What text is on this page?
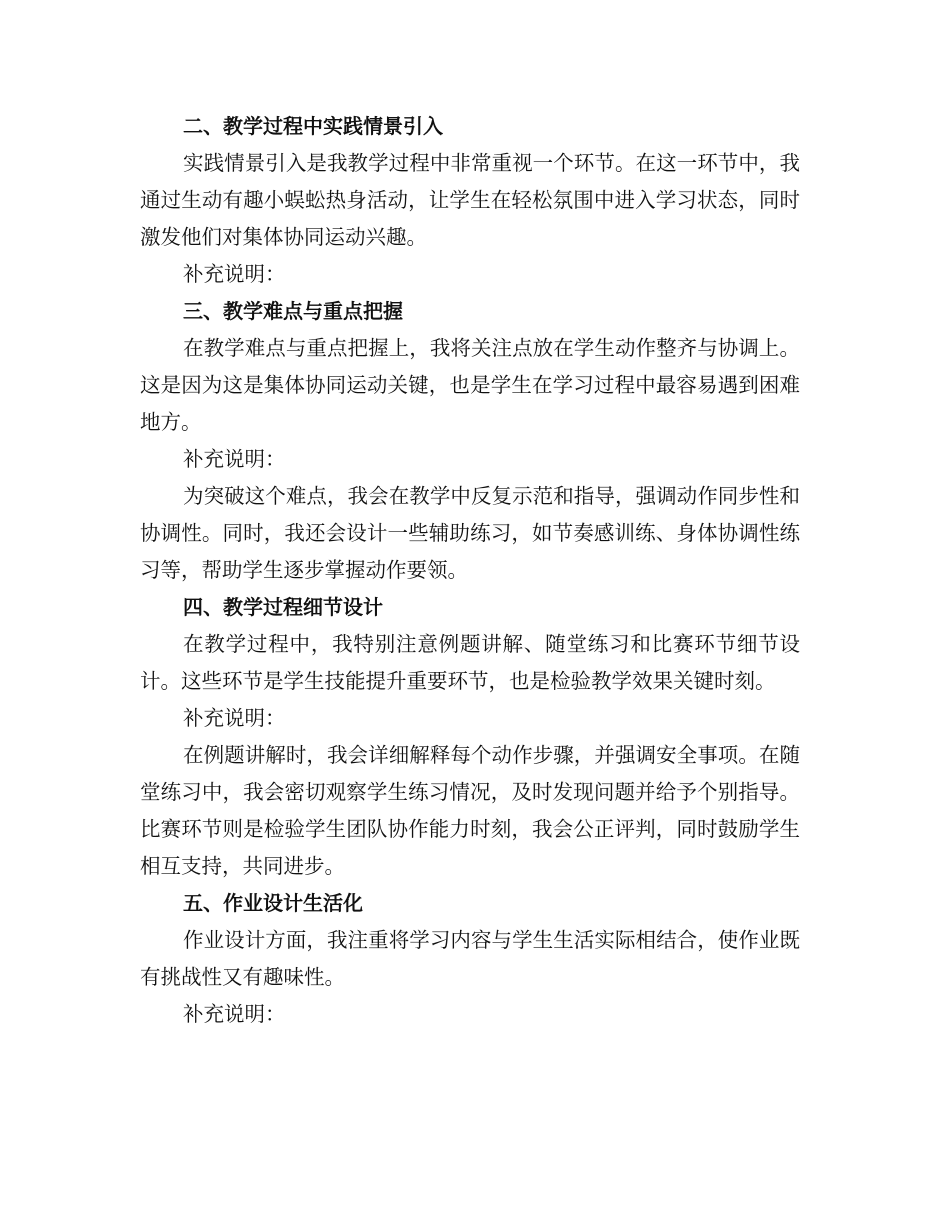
二、教学过程中实践情景引入

实践情景引入是我教学过程中非常重视一个环节。在这一环节中，我通过生动有趣小蜈蚣热身活动，让学生在轻松氛围中进入学习状态，同时激发他们对集体协同运动兴趣。

补充说明：

三、教学难点与重点把握

在教学难点与重点把握上，我将关注点放在学生动作整齐与协调上。这是因为这是集体协同运动关键，也是学生在学习过程中最容易遇到困难地方。

补充说明：

为突破这个难点，我会在教学中反复示范和指导，强调动作同步性和协调性。同时，我还会设计一些辅助练习，如节奏感训练、身体协调性练习等，帮助学生逐步掌握动作要领。

四、教学过程细节设计

在教学过程中，我特别注意例题讲解、随堂练习和比赛环节细节设计。这些环节是学生技能提升重要环节，也是检验教学效果关键时刻。

补充说明：

在例题讲解时，我会详细解释每个动作步骤，并强调安全事项。在随堂练习中，我会密切观察学生练习情况，及时发现问题并给予个别指导。比赛环节则是检验学生团队协作能力时刻，我会公正评判，同时鼓励学生相互支持，共同进步。

五、作业设计生活化

作业设计方面，我注重将学习内容与学生生活实际相结合，使作业既有挑战性又有趣味性。

补充说明：
